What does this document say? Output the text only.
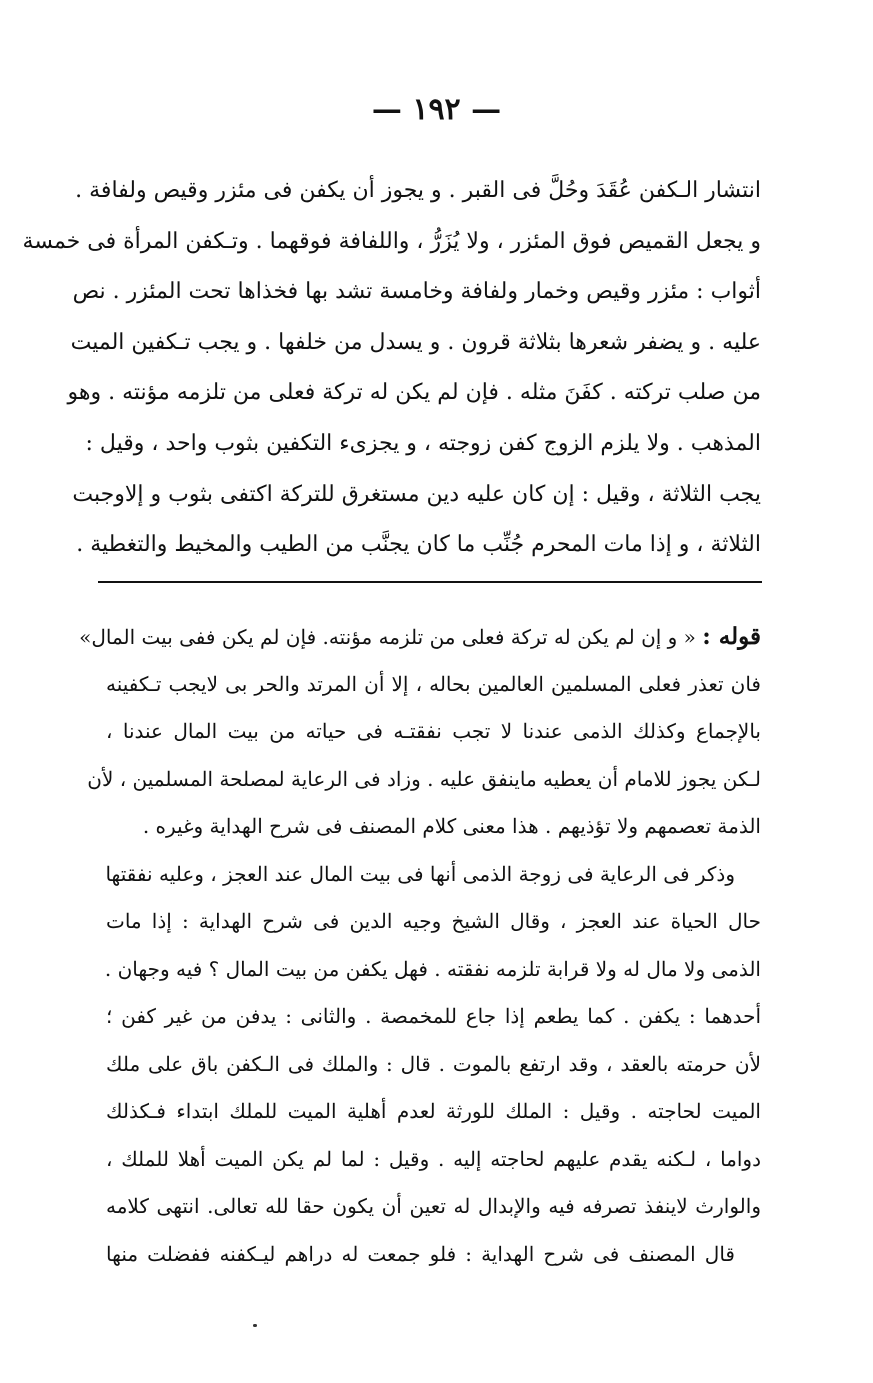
— ١٩٢ —
انتشار الـكفن عُقَدَ وحُلَّ فى القبر . و يجوز أن يكفن فى مئزر وقيص ولفافة .
و يجعل القميص فوق المئزر ، ولا يُزَرُّ ، واللفافة فوقهما . وتـكفن المرأة فى خمسة
أثواب : مئزر وقيص وخمار ولفافة وخامسة تشد بها فخذاها تحت المئزر . نص
عليه . و يضفر شعرها بثلاثة قرون . و يسدل من خلفها . و يجب تـكفين الميت
من صلب تركته . كفَنَ مثله . فإن لم يكن له تركة فعلى من تلزمه مؤنته . وهو
المذهب . ولا يلزم الزوج كفن زوجته ، و يجزىء التكفين بثوب واحد ، وقيل :
يجب الثلاثة ، وقيل : إن كان عليه دين مستغرق للتركة اكتفى بثوب و إلاوجبت
الثلاثة ، و إذا مات المحرم جُنِّب ما كان يجنَّب من الطيب والمخيط والتغطية .
قوله : « و إن لم يكن له تركة فعلى من تلزمه مؤنته. فإن لم يكن ففى بيت المال»
فان تعذر فعلى المسلمين العالمين بحاله ، إلا أن المرتد والحر بى لايجب تـكفينه
بالإجماع وكذلك الذمى عندنا لا تجب نفقتـه فى حياته من بيت المال عندنا ،
لـكن يجوز للامام أن يعطيه ماينفق عليه . وزاد فى الرعاية لمصلحة المسلمين ، لأن
الذمة تعصمهم ولا تؤذيهم . هذا معنى كلام المصنف فى شرح الهداية وغيره .
وذكر فى الرعاية فى زوجة الذمى أنها فى بيت المال عند العجز ، وعليه نفقتها
حال الحياة عند العجز ، وقال الشيخ وجيه الدين فى شرح الهداية : إذا مات
الذمى ولا مال له ولا قرابة تلزمه نفقته . فهل يكفن من بيت المال ؟ فيه وجهان .
أحدهما : يكفن . كما يطعم إذا جاع للمخمصة . والثانى : يدفن من غير كفن ؛
لأن حرمته بالعقد ، وقد ارتفع بالموت . قال : والملك فى الـكفن باق على ملك
الميت لحاجته . وقيل : الملك للورثة لعدم أهلية الميت للملك ابتداء فـكذلك
دواما ، لـكنه يقدم عليهم لحاجته إليه . وقيل : لما لم يكن الميت أهلا للملك ،
والوارث لاينفذ تصرفه فيه والإبدال له تعين أن يكون حقا لله تعالى. انتهى كلامه
قال المصنف فى شرح الهداية : فلو جمعت له دراهم ليـكفنه ففضلت منها
